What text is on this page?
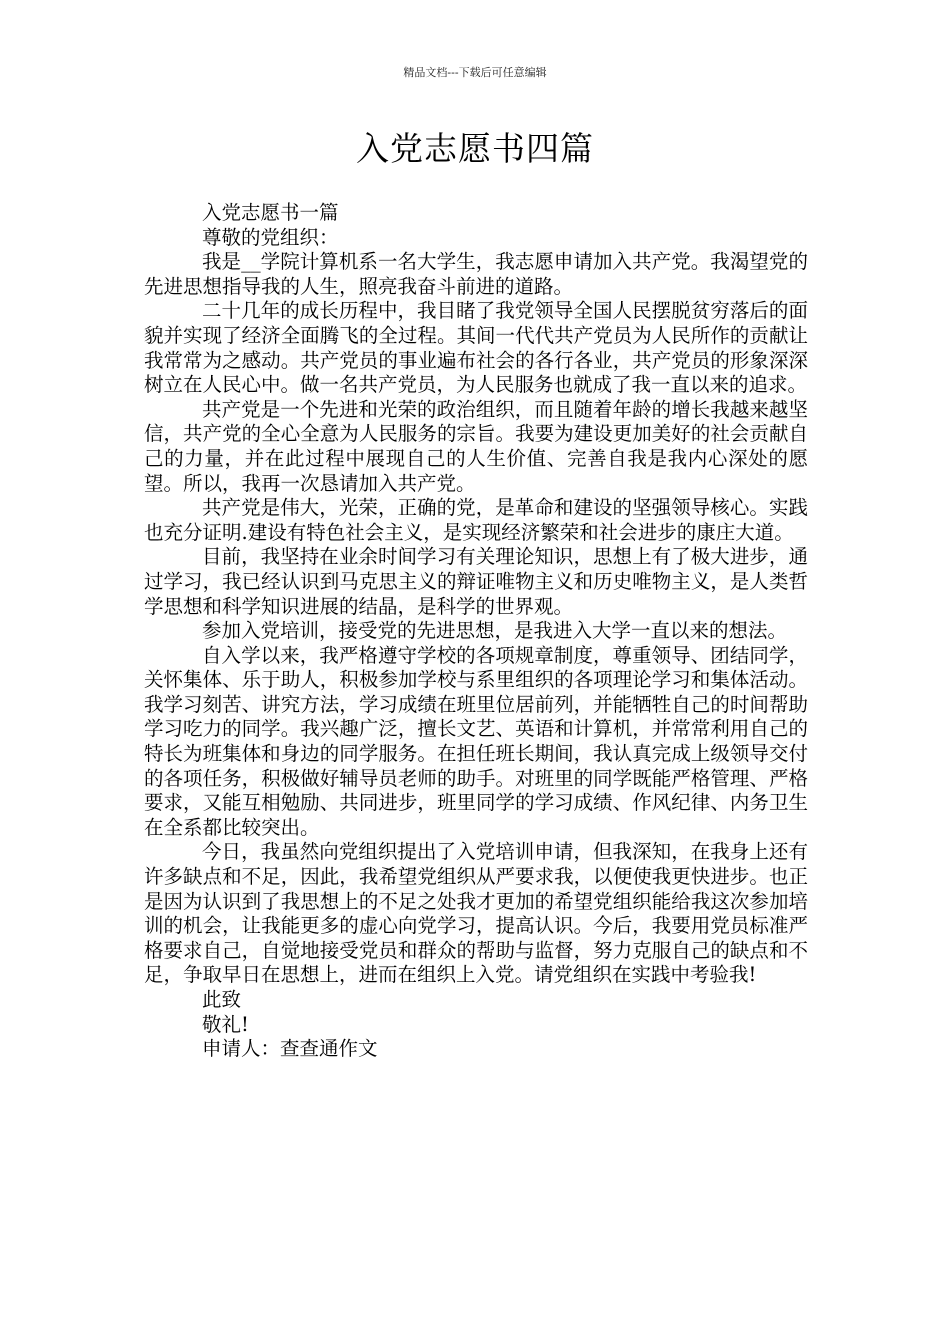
精品文档---下载后可任意编辑
入党志愿书四篇

入党志愿书一篇

尊敬的党组织：

我是__学院计算机系一名大学生，我志愿申请加入共产党。我渴望党的先进思想指导我的人生，照亮我奋斗前进的道路。

二十几年的成长历程中，我目睹了我党领导全国人民摆脱贫穷落后的面貌并实现了经济全面腾飞的全过程。其间一代代共产党员为人民所作的贡献让我常常为之感动。共产党员的事业遍布社会的各行各业，共产党员的形象深深树立在人民心中。做一名共产党员，为人民服务也就成了我一直以来的追求。

共产党是一个先进和光荣的政治组织，而且随着年龄的增长我越来越坚信，共产党的全心全意为人民服务的宗旨。我要为建设更加美好的社会贡献自己的力量，并在此过程中展现自己的人生价值、完善自我是我内心深处的愿望。所以，我再一次恳请加入共产党。

共产党是伟大，光荣，正确的党，是革命和建设的坚强领导核心。实践也充分证明.建设有特色社会主义，是实现经济繁荣和社会进步的康庄大道。

目前，我坚持在业余时间学习有关理论知识，思想上有了极大进步，通过学习，我已经认识到马克思主义的辩证唯物主义和历史唯物主义，是人类哲学思想和科学知识进展的结晶，是科学的世界观。

参加入党培训，接受党的先进思想，是我进入大学一直以来的想法。

自入学以来，我严格遵守学校的各项规章制度，尊重领导、团结同学，关怀集体、乐于助人，积极参加学校与系里组织的各项理论学习和集体活动。我学习刻苦、讲究方法，学习成绩在班里位居前列，并能牺牲自己的时间帮助学习吃力的同学。我兴趣广泛，擅长文艺、英语和计算机，并常常利用自己的特长为班集体和身边的同学服务。在担任班长期间，我认真完成上级领导交付的各项任务，积极做好辅导员老师的助手。对班里的同学既能严格管理、严格要求，又能互相勉励、共同进步，班里同学的学习成绩、作风纪律、内务卫生在全系都比较突出。

今日，我虽然向党组织提出了入党培训申请，但我深知，在我身上还有许多缺点和不足，因此，我希望党组织从严要求我，以便使我更快进步。也正是因为认识到了我思想上的不足之处我才更加的希望党组织能给我这次参加培训的机会，让我能更多的虚心向党学习，提高认识。今后，我要用党员标准严格要求自己，自觉地接受党员和群众的帮助与监督，努力克服自己的缺点和不足，争取早日在思想上，进而在组织上入党。请党组织在实践中考验我!

此致

敬礼!

申请人：查查通作文
